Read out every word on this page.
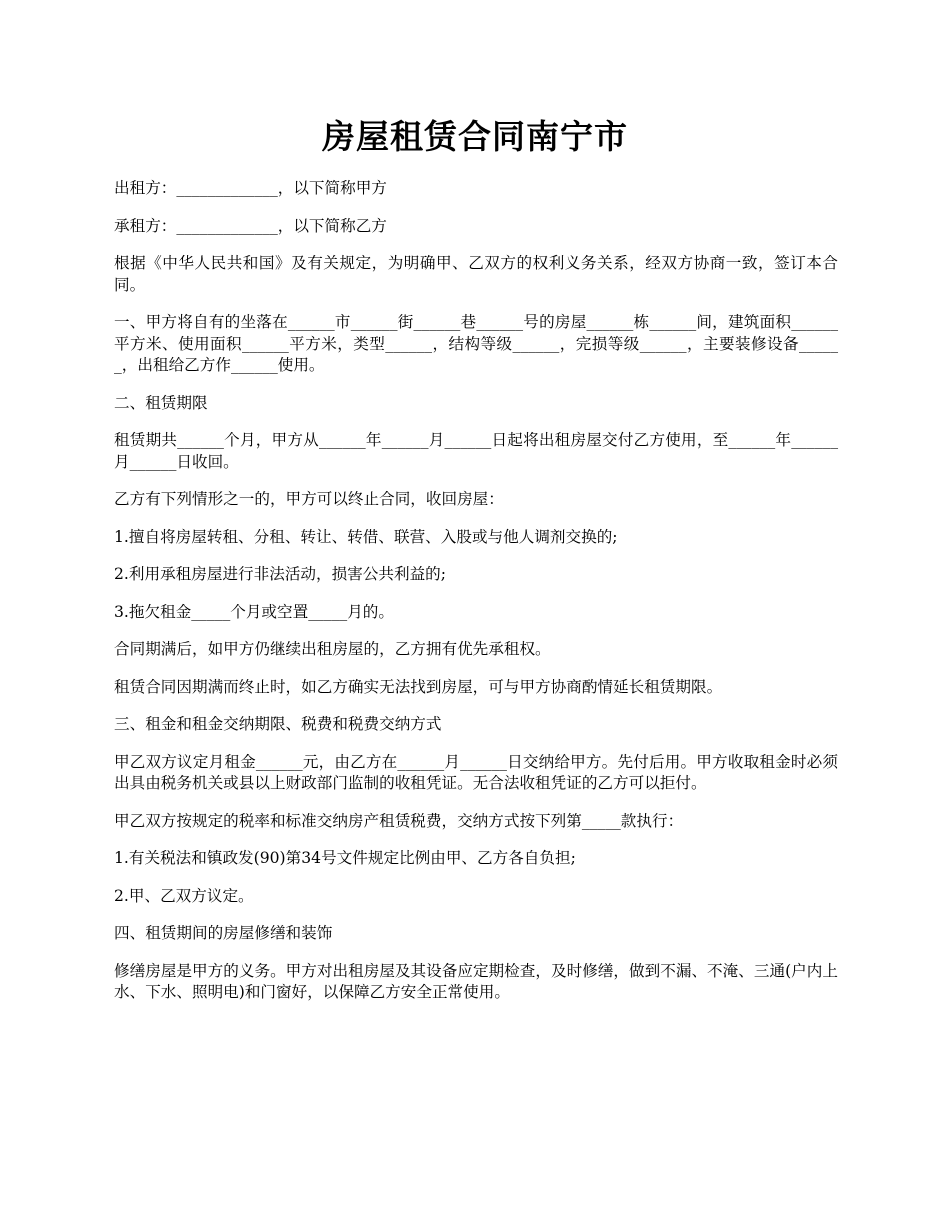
房屋租赁合同南宁市

出租方：_____________，以下简称甲方

承租方：_____________，以下简称乙方

根据《中华人民共和国》及有关规定，为明确甲、乙双方的权利义务关系，经双方协商一致，签订本合同。

一、甲方将自有的坐落在______市______街______巷______号的房屋______栋______间，建筑面积______平方米、使用面积______平方米，类型______，结构等级______，完损等级______，主要装修设备______，出租给乙方作______使用。

二、租赁期限

租赁期共______个月，甲方从______年______月______日起将出租房屋交付乙方使用，至______年______月______日收回。

乙方有下列情形之一的，甲方可以终止合同，收回房屋：

1.擅自将房屋转租、分租、转让、转借、联营、入股或与他人调剂交换的;

2.利用承租房屋进行非法活动，损害公共利益的;

3.拖欠租金_____个月或空置_____月的。

合同期满后，如甲方仍继续出租房屋的，乙方拥有优先承租权。

租赁合同因期满而终止时，如乙方确实无法找到房屋，可与甲方协商酌情延长租赁期限。

三、租金和租金交纳期限、税费和税费交纳方式

甲乙双方议定月租金______元，由乙方在______月______日交纳给甲方。先付后用。甲方收取租金时必须出具由税务机关或县以上财政部门监制的收租凭证。无合法收租凭证的乙方可以拒付。

甲乙双方按规定的税率和标准交纳房产租赁税费，交纳方式按下列第_____款执行：

1.有关税法和镇政发(90)第34号文件规定比例由甲、乙方各自负担;

2.甲、乙双方议定。

四、租赁期间的房屋修缮和装饰

修缮房屋是甲方的义务。甲方对出租房屋及其设备应定期检查，及时修缮，做到不漏、不淹、三通(户内上水、下水、照明电)和门窗好，以保障乙方安全正常使用。
